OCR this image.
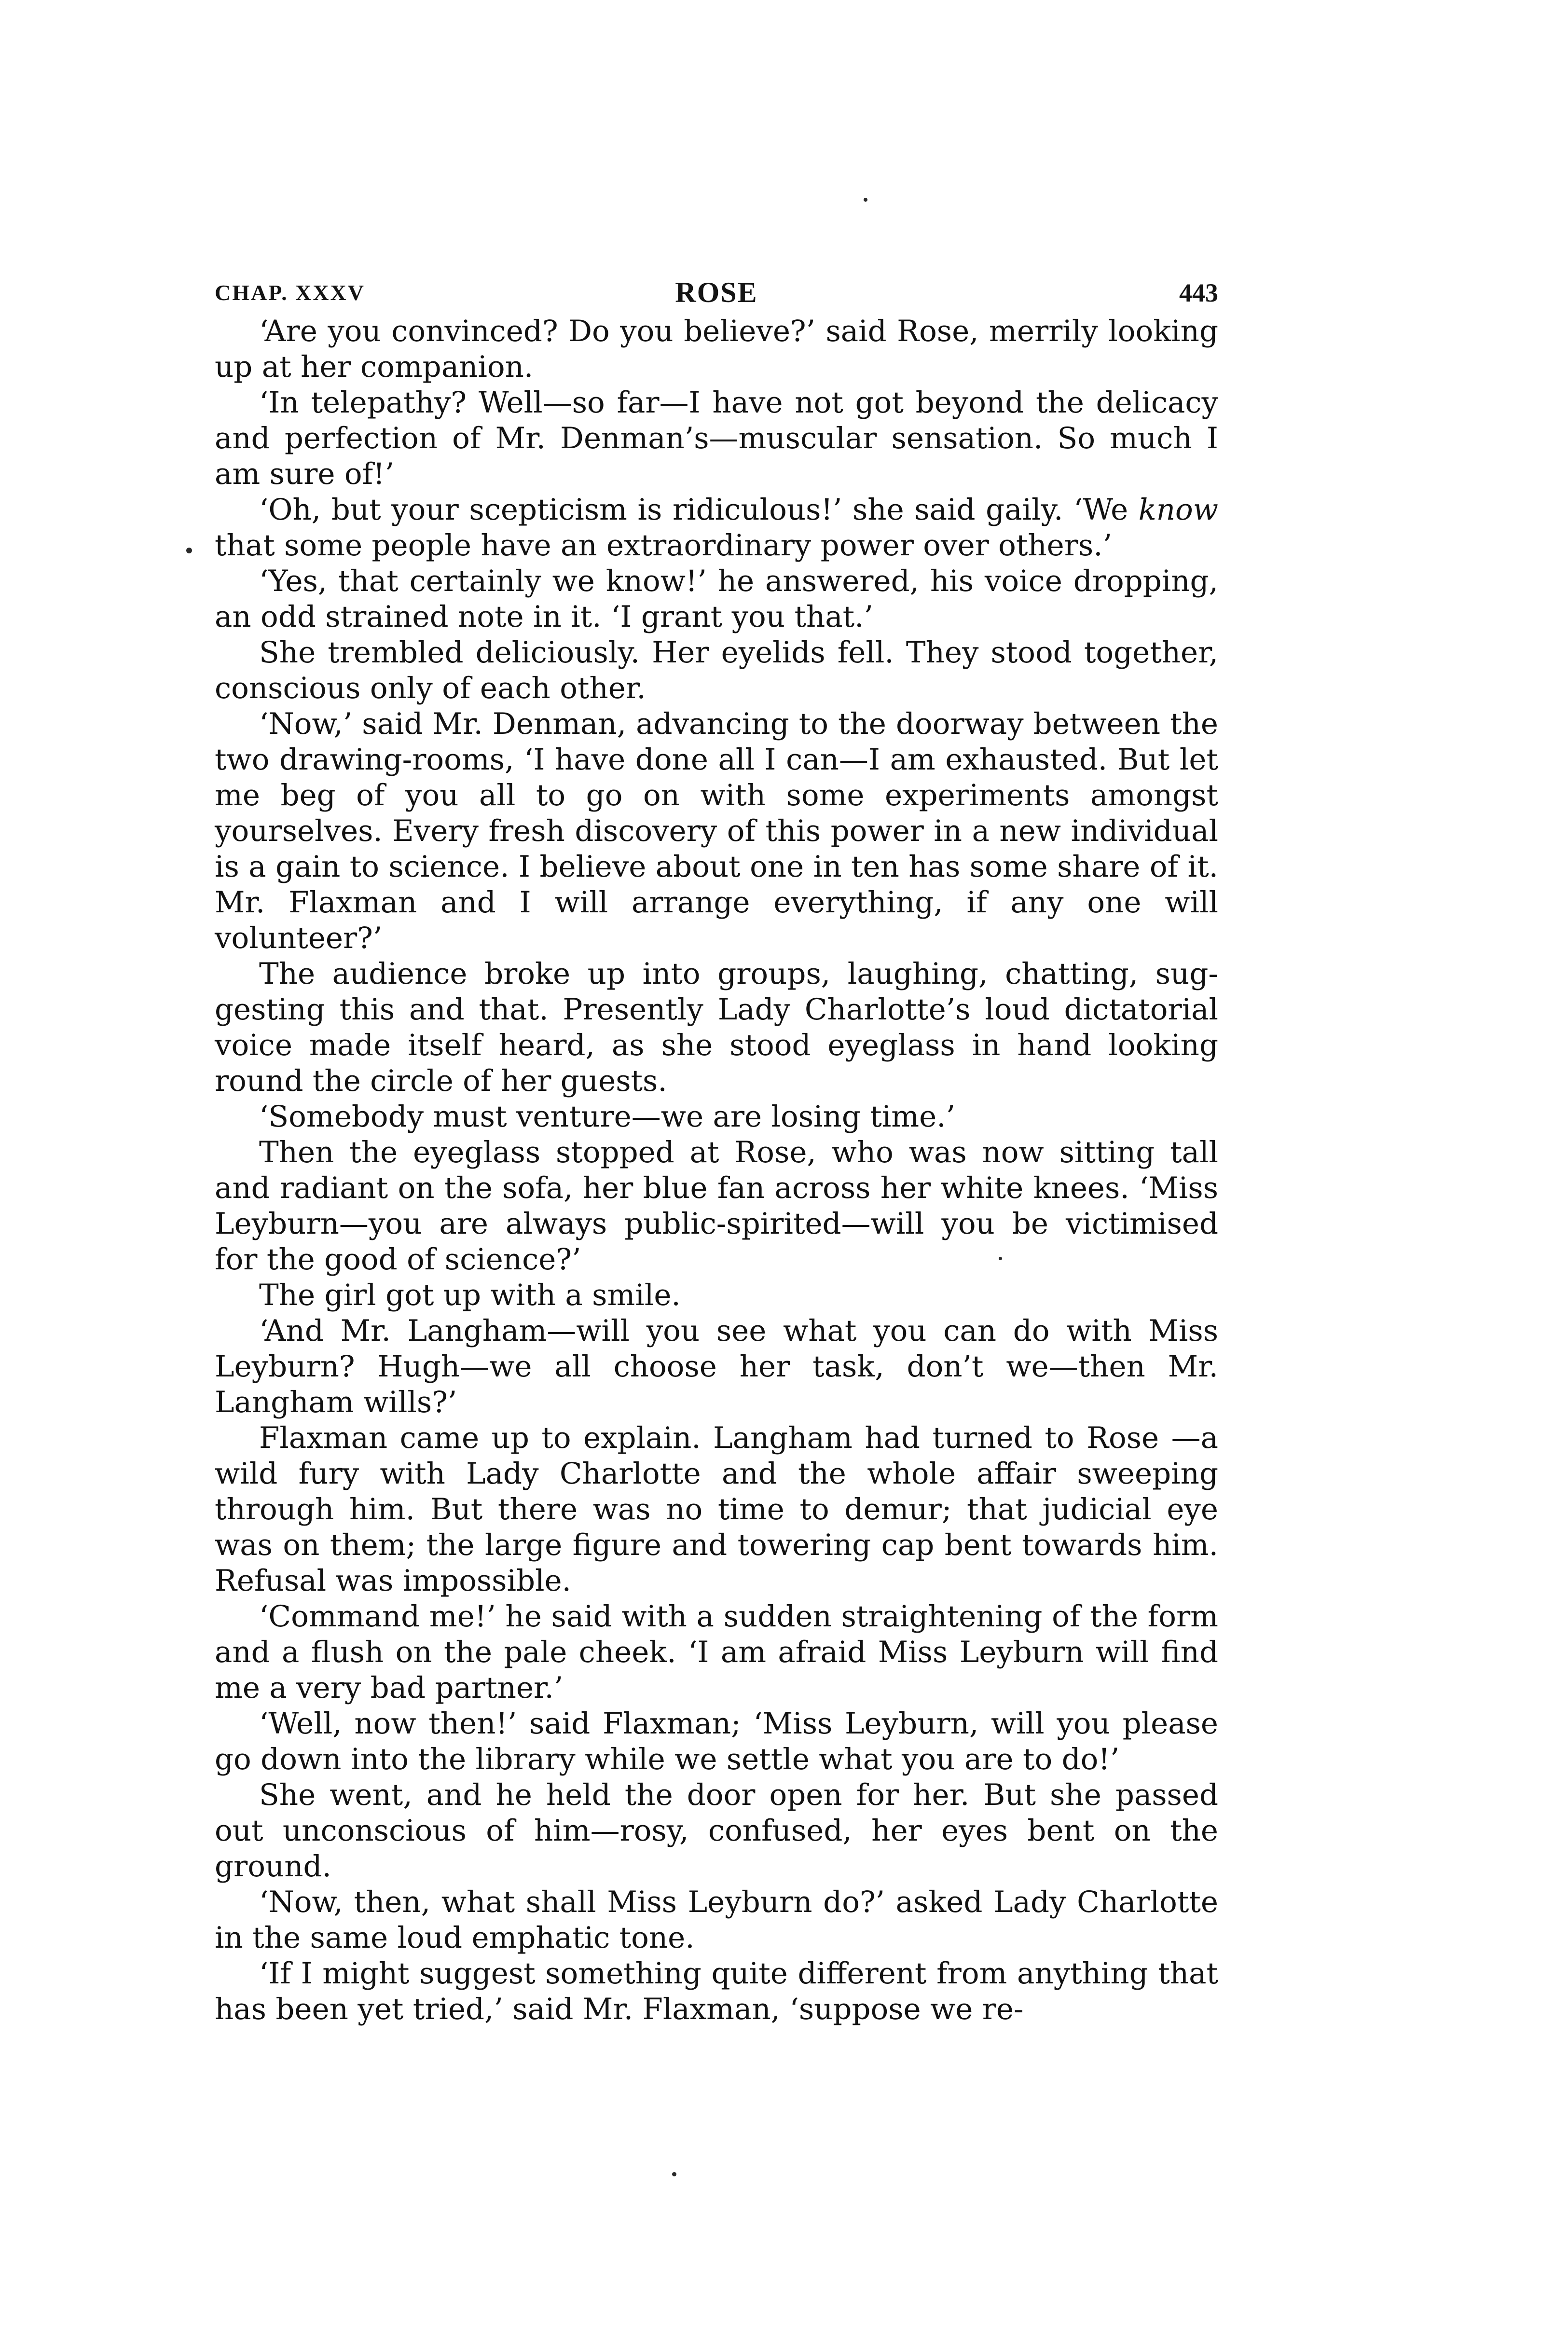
CHAP. XXXV	ROSE	443

‘Are you convinced? Do you believe?’ said Rose, merrily looking up at her companion.

‘In telepathy? Well—so far—I have not got beyond the delicacy and perfection of Mr. Denman’s—muscular sensation. So much I am sure of!’

‘Oh, but your scepticism is ridiculous!’ she said gaily. ‘We know that some people have an extraordinary power over others.’

‘Yes, that certainly we know!’ he answered, his voice dropping, an odd strained note in it. ‘I grant you that.’

She trembled deliciously. Her eyelids fell. They stood together, conscious only of each other.

‘Now,’ said Mr. Denman, advancing to the doorway between the two drawing-rooms, ‘I have done all I can—I am exhausted. But let me beg of you all to go on with some experiments amongst yourselves. Every fresh discovery of this power in a new individual is a gain to science. I believe about one in ten has some share of it. Mr. Flaxman and I will arrange everything, if any one will volunteer?’

The audience broke up into groups, laughing, chatting, suggesting this and that. Presently Lady Charlotte’s loud dictatorial voice made itself heard, as she stood eyeglass in hand looking round the circle of her guests.

‘Somebody must venture—we are losing time.’

Then the eyeglass stopped at Rose, who was now sitting tall and radiant on the sofa, her blue fan across her white knees. ‘Miss Leyburn—you are always public-spirited—will you be victimised for the good of science?’

The girl got up with a smile.

‘And Mr. Langham—will you see what you can do with Miss Leyburn? Hugh—we all choose her task, don’t we—then Mr. Langham wills?’

Flaxman came up to explain. Langham had turned to Rose —a wild fury with Lady Charlotte and the whole affair sweeping through him. But there was no time to demur; that judicial eye was on them; the large figure and towering cap bent towards him. Refusal was impossible.

‘Command me!’ he said with a sudden straightening of the form and a flush on the pale cheek. ‘I am afraid Miss Leyburn will find me a very bad partner.’

‘Well, now then!’ said Flaxman; ‘Miss Leyburn, will you please go down into the library while we settle what you are to do!’

She went, and he held the door open for her. But she passed out unconscious of him—rosy, confused, her eyes bent on the ground.

‘Now, then, what shall Miss Leyburn do?’ asked Lady Charlotte in the same loud emphatic tone.

‘If I might suggest something quite different from anything that has been yet tried,’ said Mr. Flaxman, ‘suppose we re-
